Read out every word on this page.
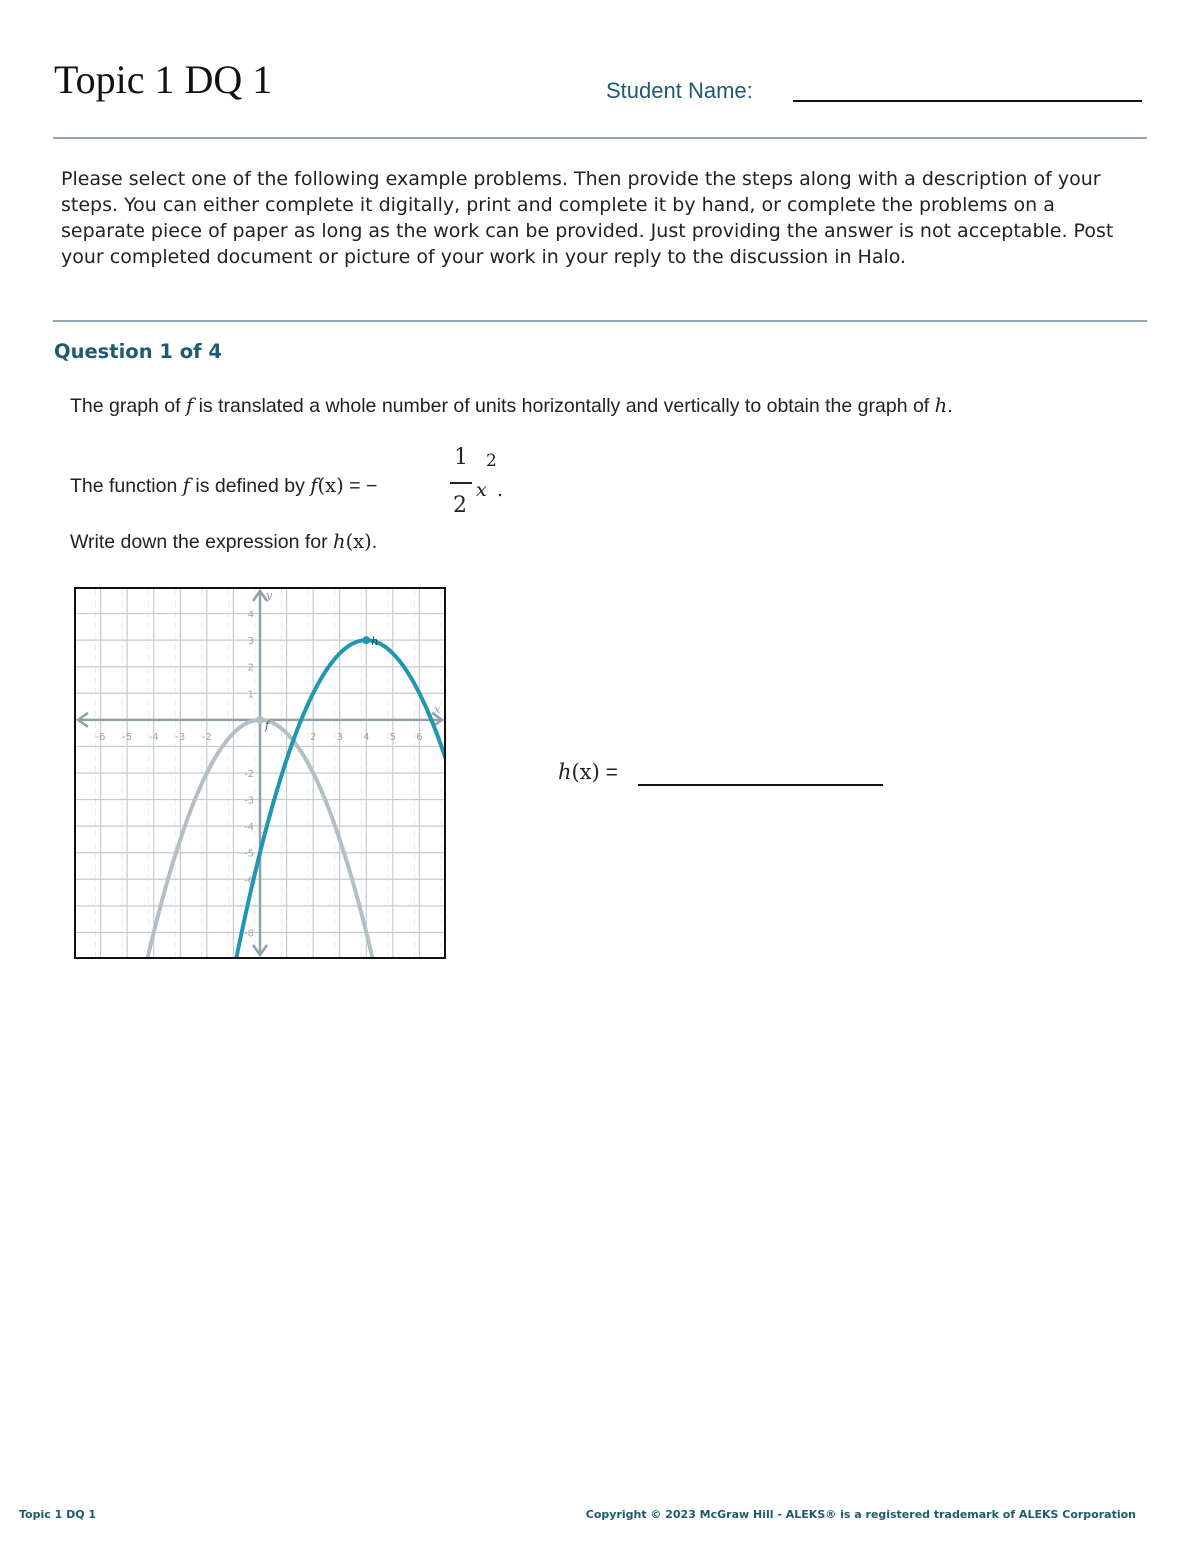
Topic 1 DQ 1	Student Name:
Please select one of the following example problems. Then provide the steps along with a description of your steps. You can either complete it digitally, print and complete it by hand, or complete the problems on a separate piece of paper as long as the work can be provided. Just providing the answer is not acceptable. Post your completed document or picture of your work in your reply to the discussion in Halo.
Question 1 of 4
The graph of f is translated a whole number of units horizontally and vertically to obtain the graph of h.
The function f is defined by f(x) = −
1
2
x
2
.
Write down the expression for h(x).
-6 -5 -4 -3 -2	2 3 4 5 6
4
3
2
1
-2
-3
-4
-5
-6
-8
x
y
f
h
h(x) =
Topic 1 DQ 1	Copyright © 2023 McGraw Hill - ALEKS® is a registered trademark of ALEKS Corporation
